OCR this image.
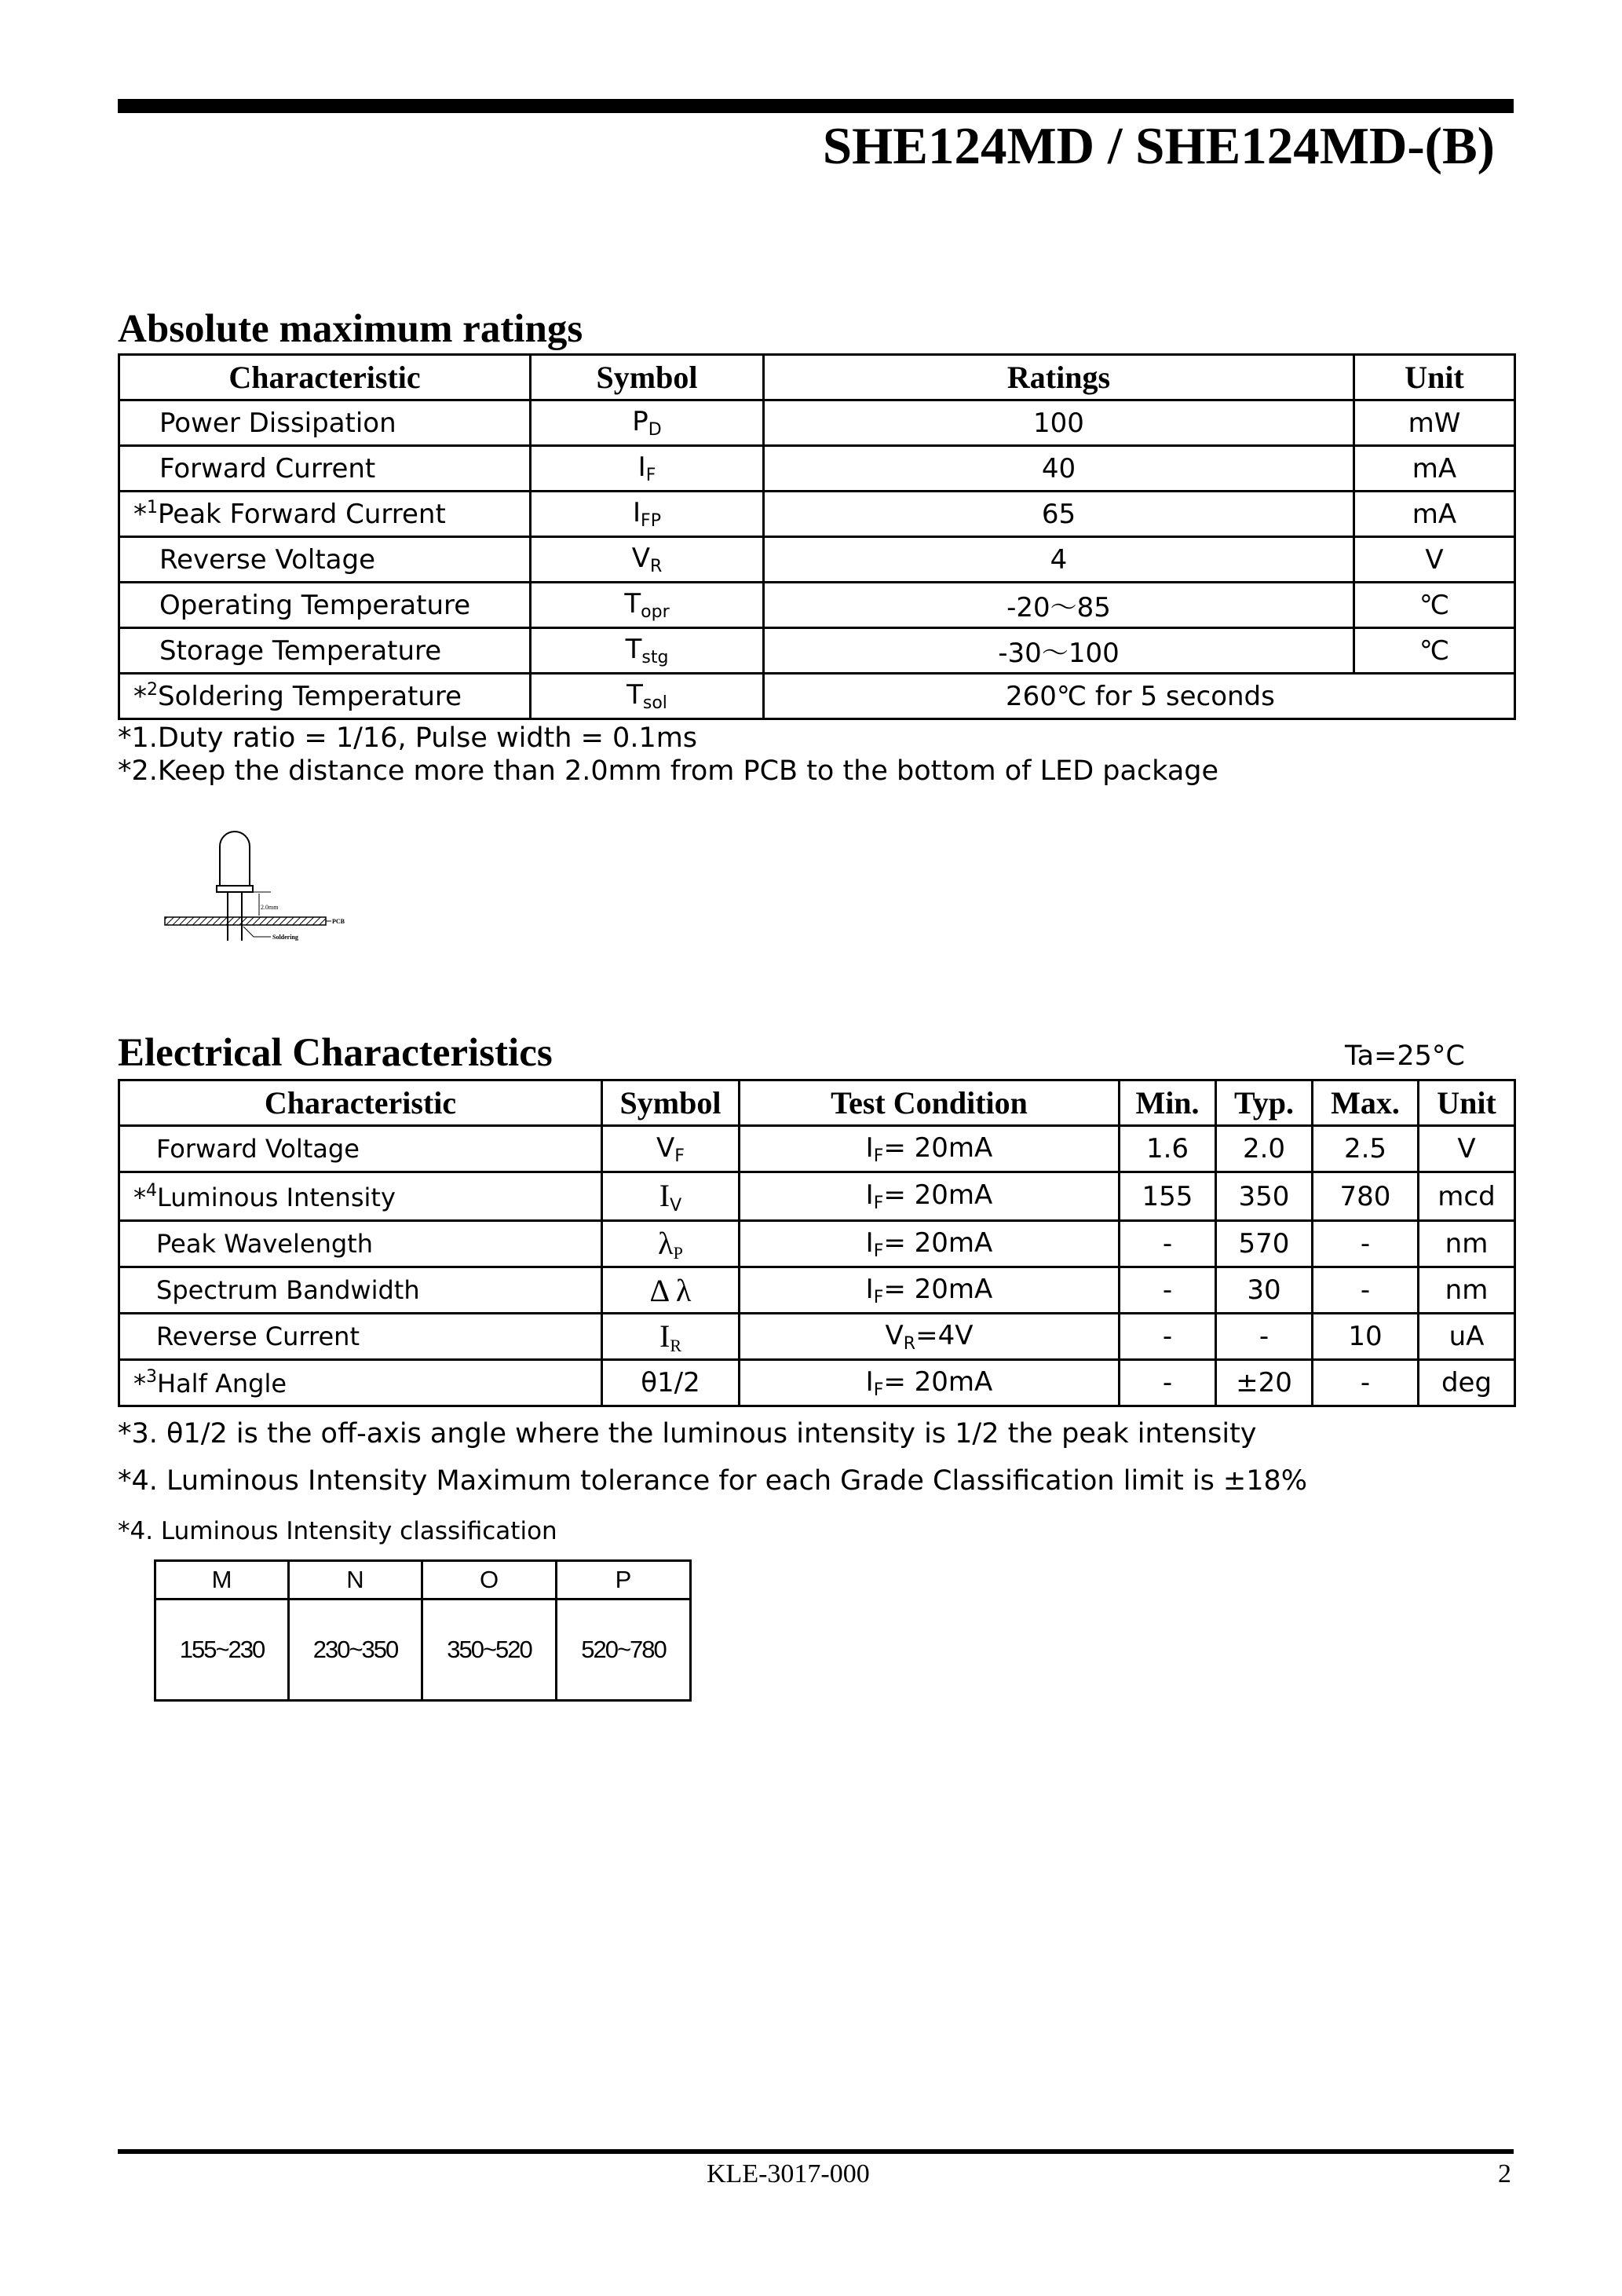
SHE124MD / SHE124MD-(B)
Absolute maximum ratings
Characteristic	Symbol	Ratings	Unit
Power Dissipation	$P_D$	100	mW
Forward Current	$I_F$	40	mA
*$^1$Peak Forward Current	$I_{FP}$	65	mA
Reverse Voltage	$V_R$	4	V
Operating Temperature	$T_{opr}$	-20～85	℃
Storage Temperature	$T_{stg}$	-30～100	℃
*$^2$Soldering Temperature	$T_{sol}$	260℃ for 5 seconds	
*1.Duty ratio = 1/16, Pulse width = 0.1ms
*2.Keep the distance more than 2.0mm from PCB to the bottom of LED package
2.0mm
PCB
Soldering
Electrical Characteristics	Ta=25°C
Characteristic	Symbol	Test Condition	Min.	Typ.	Max.	Unit
Forward Voltage	$V_F$	$I_F= 20mA$	1.6	2.0	2.5	V
*$^4$Luminous Intensity	$I_V$	$I_F= 20mA$	155	350	780	mcd
Peak Wavelength	$\lambda_P$	$I_F= 20mA$	-	570	-	nm
Spectrum Bandwidth	Δ λ	$I_F= 20mA$	-	30	-	nm
Reverse Current	$I_R$	$V_R=4V$	-	-	10	uA
*$^3$Half Angle	θ1/2	$I_F= 20mA$	-	±20	-	deg
*3. θ1/2 is the off-axis angle where the luminous intensity is 1/2 the peak intensity
*4. Luminous Intensity Maximum tolerance for each Grade Classification limit is ±18%
*4. Luminous Intensity classification
M	N	O	P
155~230	230~350	350~520	520~780
KLE-3017-000	2
